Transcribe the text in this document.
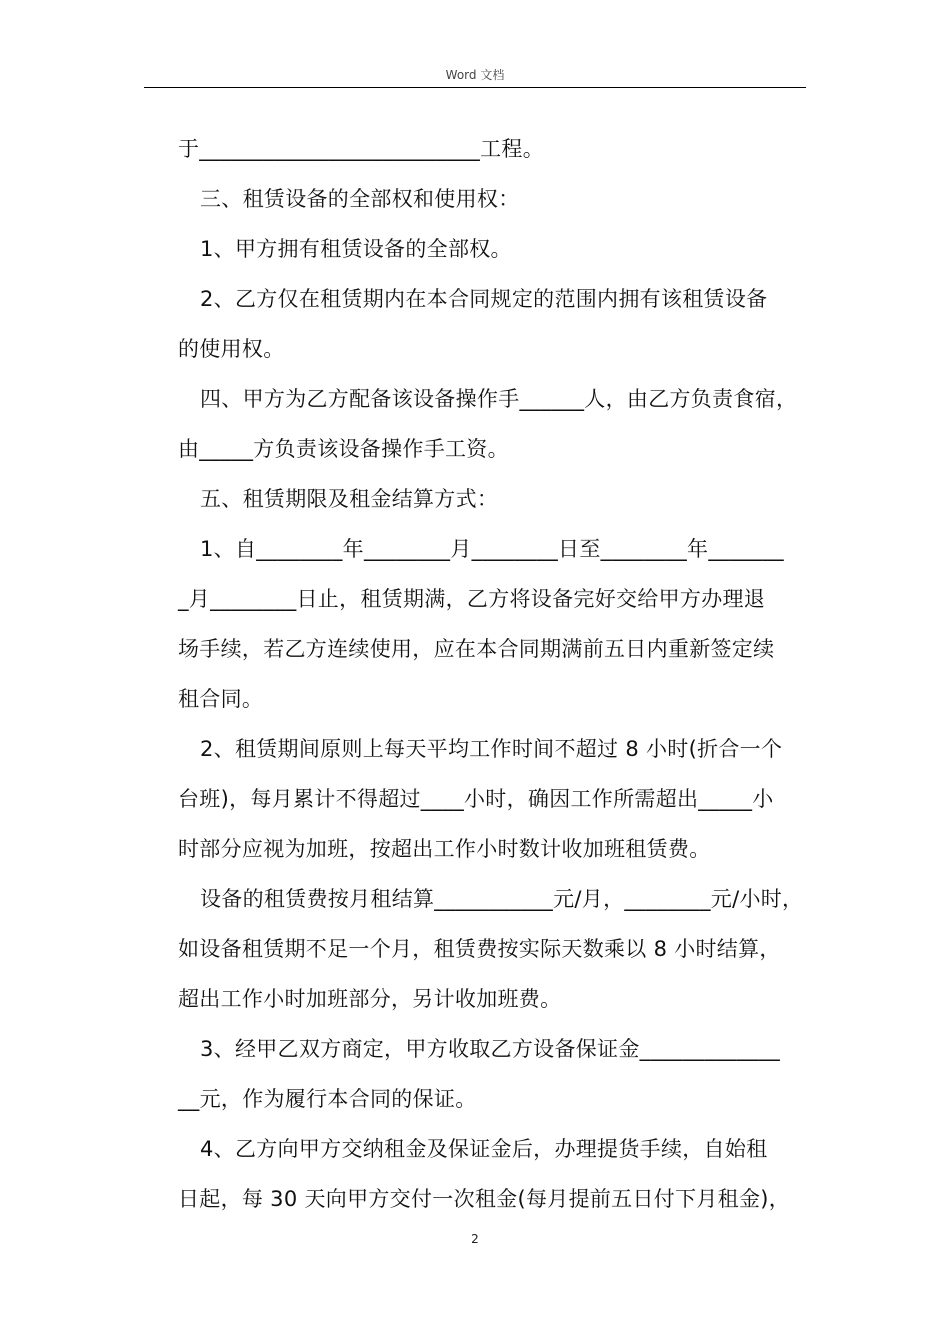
Word 文档
于__________________________工程。
三、租赁设备的全部权和使用权：
1、甲方拥有租赁设备的全部权。
2、乙方仅在租赁期内在本合同规定的范围内拥有该租赁设备
的使用权。
四、甲方为乙方配备该设备操作手______人，由乙方负责食宿，
由_____方负责该设备操作手工资。
五、租赁期限及租金结算方式：
1、自________年________月________日至________年_______
_月________日止，租赁期满，乙方将设备完好交给甲方办理退
场手续，若乙方连续使用，应在本合同期满前五日内重新签定续
租合同。
2、租赁期间原则上每天平均工作时间不超过 8 小时(折合一个
台班)，每月累计不得超过____小时，确因工作所需超出_____小
时部分应视为加班，按超出工作小时数计收加班租赁费。
设备的租赁费按月租结算___________元/月，________元/小时，
如设备租赁期不足一个月，租赁费按实际天数乘以 8 小时结算，
超出工作小时加班部分，另计收加班费。
3、经甲乙双方商定，甲方收取乙方设备保证金_____________
__元，作为履行本合同的保证。
4、乙方向甲方交纳租金及保证金后，办理提货手续，自始租
日起，每 30 天向甲方交付一次租金(每月提前五日付下月租金)，
2
